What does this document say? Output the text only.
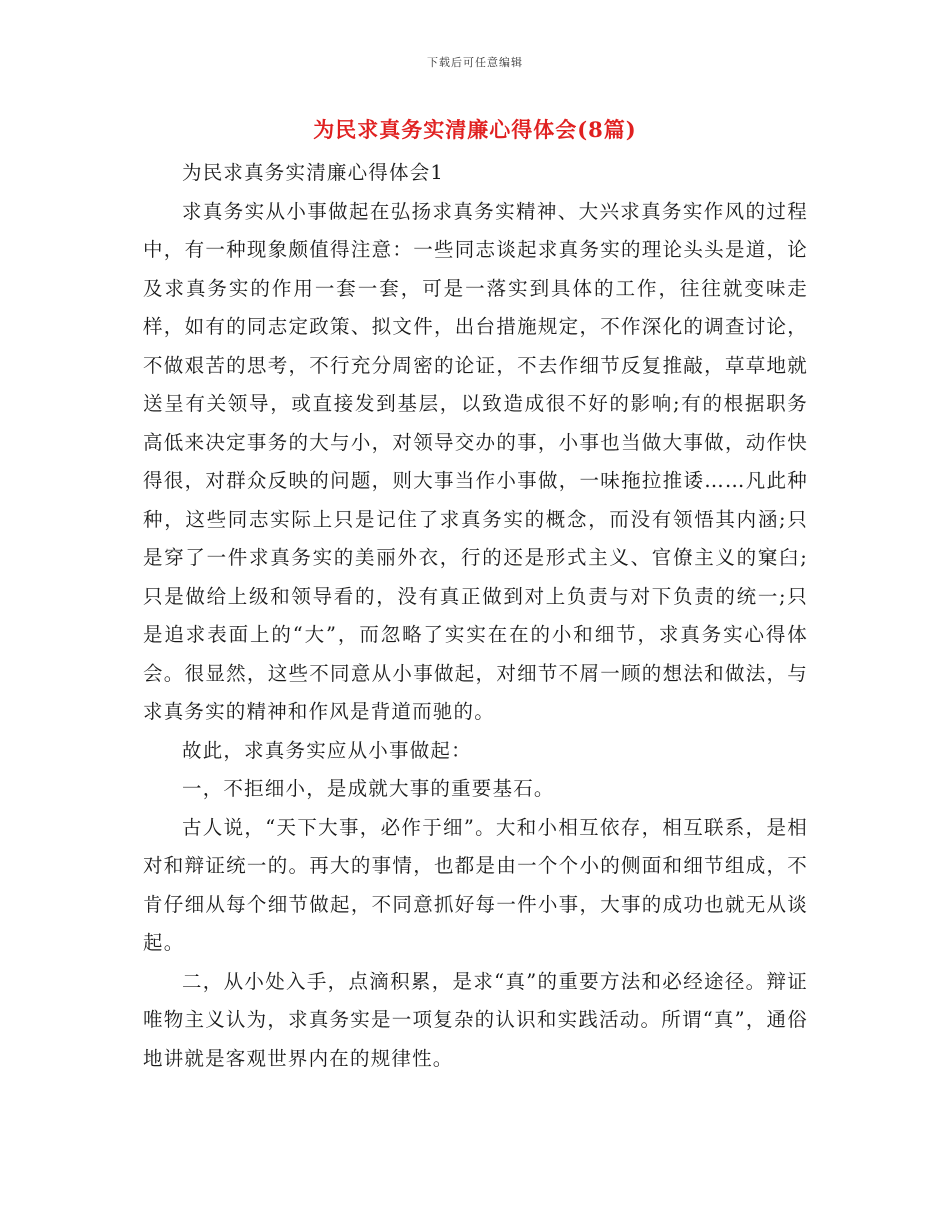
下载后可任意编辑
为民求真务实清廉心得体会(8篇)

为民求真务实清廉心得体会1

求真务实从小事做起在弘扬求真务实精神、大兴求真务实作风的过程中，有一种现象颇值得注意：一些同志谈起求真务实的理论头头是道，论及求真务实的作用一套一套，可是一落实到具体的工作，往往就变味走样，如有的同志定政策、拟文件，出台措施规定，不作深化的调查讨论，不做艰苦的思考，不行充分周密的论证，不去作细节反复推敲，草草地就送呈有关领导，或直接发到基层，以致造成很不好的影响;有的根据职务高低来决定事务的大与小，对领导交办的事，小事也当做大事做，动作快得很，对群众反映的问题，则大事当作小事做，一味拖拉推诿……凡此种种，这些同志实际上只是记住了求真务实的概念，而没有领悟其内涵;只是穿了一件求真务实的美丽外衣，行的还是形式主义、官僚主义的窠臼;只是做给上级和领导看的，没有真正做到对上负责与对下负责的统一;只是追求表面上的“大”，而忽略了实实在在的小和细节，求真务实心得体会。很显然，这些不同意从小事做起，对细节不屑一顾的想法和做法，与求真务实的精神和作风是背道而驰的。

故此，求真务实应从小事做起：

一，不拒细小，是成就大事的重要基石。

古人说，“天下大事，必作于细”。大和小相互依存，相互联系，是相对和辩证统一的。再大的事情，也都是由一个个小的侧面和细节组成，不肯仔细从每个细节做起，不同意抓好每一件小事，大事的成功也就无从谈起。

二，从小处入手，点滴积累，是求“真”的重要方法和必经途径。辩证唯物主义认为，求真务实是一项复杂的认识和实践活动。所谓“真”，通俗地讲就是客观世界内在的规律性。
